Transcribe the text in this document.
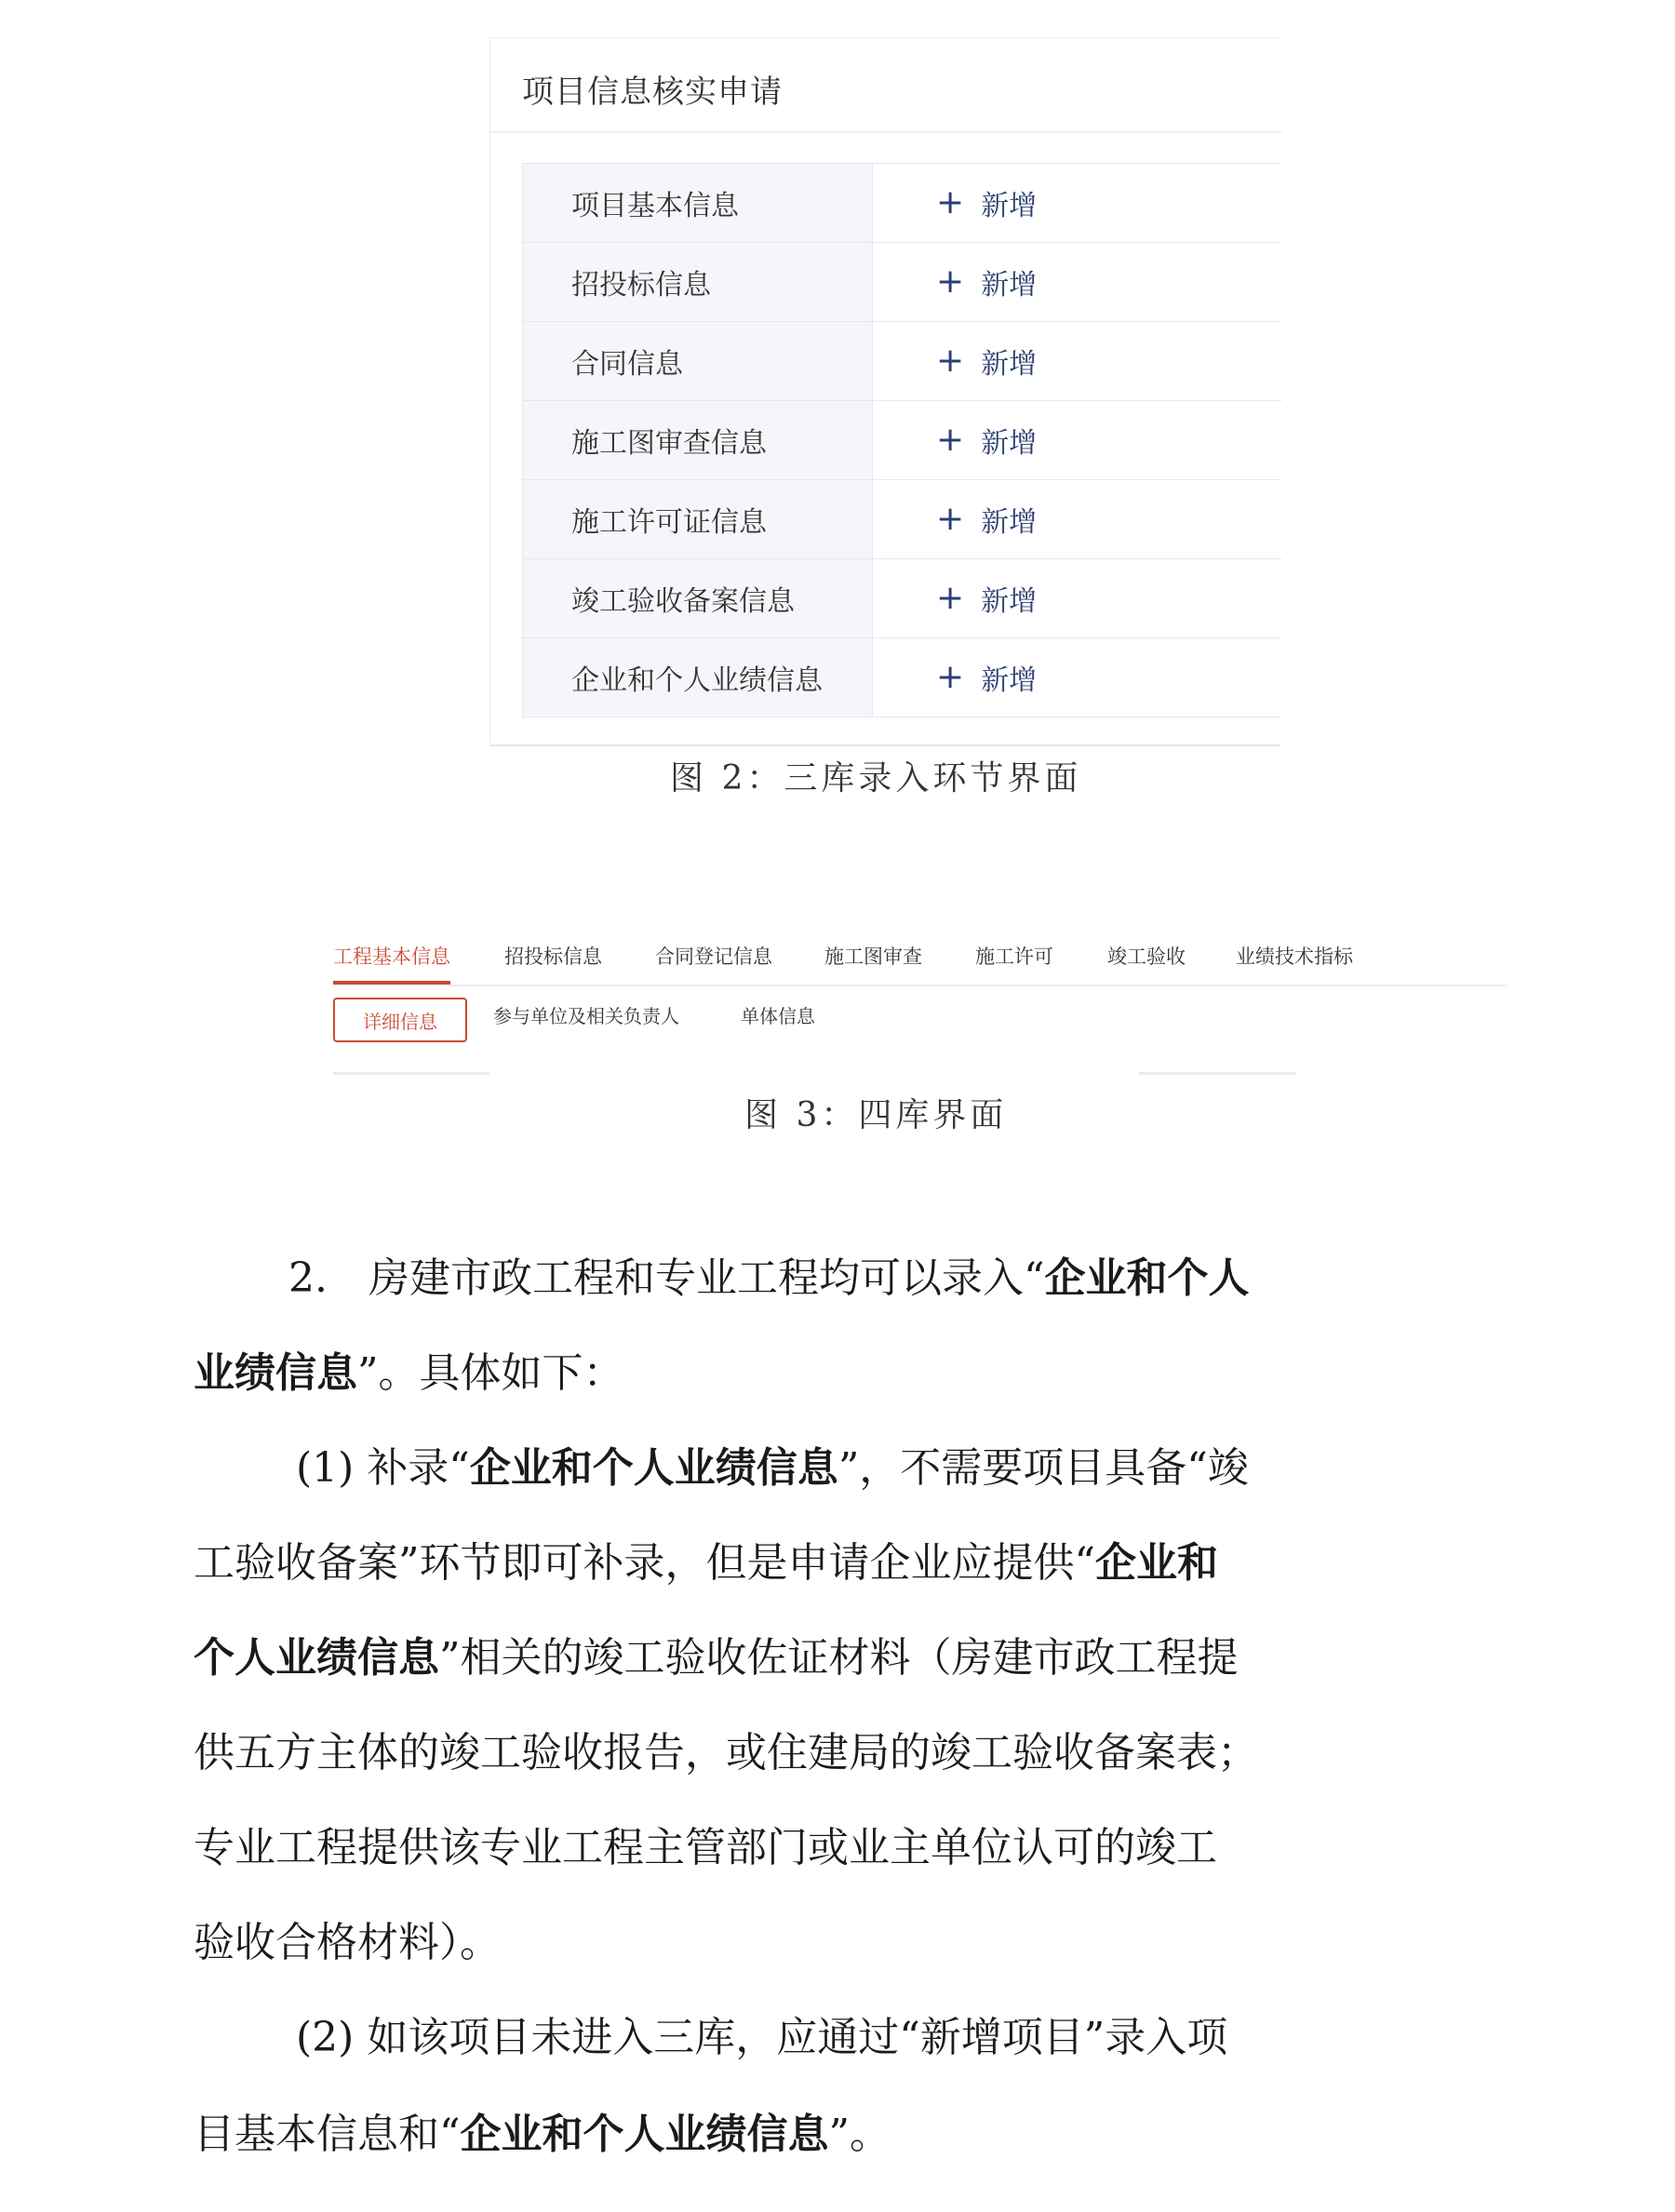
项目信息核实申请
项目基本信息	+ 新增
招投标信息	+ 新增
合同信息	+ 新增
施工图审查信息	+ 新增
施工许可证信息	+ 新增
竣工验收备案信息	+ 新增
企业和个人业绩信息	+ 新增
图 2：三库录入环节界面
工程基本信息	招投标信息	合同登记信息	施工图审查	施工许可	竣工验收	业绩技术指标
详细信息	参与单位及相关负责人	单体信息
图 3：四库界面
2.　房建市政工程和专业工程均可以录入“企业和个人
业绩信息”。具体如下：
(1) 补录“企业和个人业绩信息”，不需要项目具备“竣
工验收备案”环节即可补录，但是申请企业应提供“企业和
个人业绩信息”相关的竣工验收佐证材料（房建市政工程提
供五方主体的竣工验收报告，或住建局的竣工验收备案表；
专业工程提供该专业工程主管部门或业主单位认可的竣工
验收合格材料）。
(2) 如该项目未进入三库，应通过“新增项目”录入项
目基本信息和“企业和个人业绩信息”。
